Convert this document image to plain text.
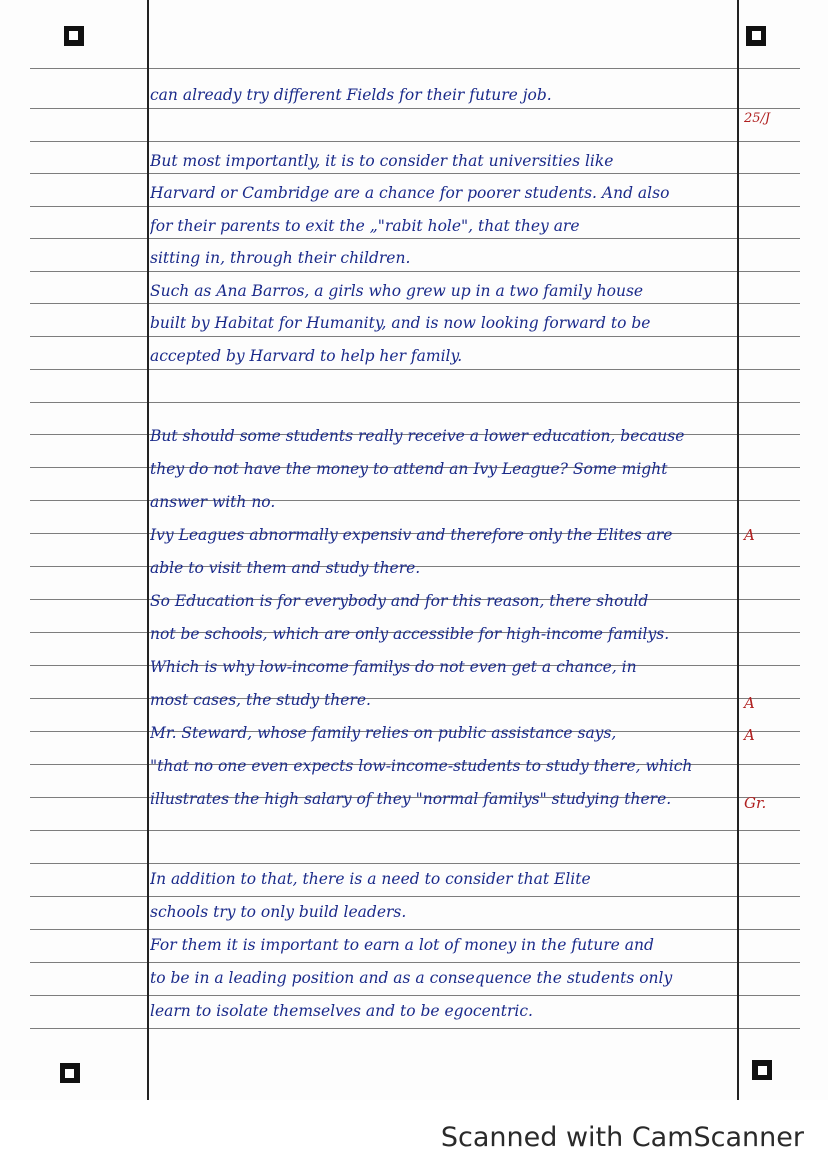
can already try different Fields for their future job.
But most importantly, it is to consider that universities like
Harvard or Cambridge are a chance for poorer students. And also
for their parents to exit the „"rabit hole", that they are
sitting in, through their children.
Such as Ana Barros, a girls who grew up in a two family house
built by Habitat for Humanity, and is now looking forward to be
accepted by Harvard to help her family.
But should some students really receive a lower education, because
they do not have the money to attend an Ivy League? Some might
answer with no.
Ivy Leagues abnormally expensiv and therefore only the Elites are
able to visit them and study there.
So Education is for everybody and for this reason, there should
not be schools, which are only accessible for high-income familys.
Which is why low-income familys do not even get a chance, in
most cases, the study there.
Mr. Steward, whose family relies on public assistance says,
"that no one even expects low-income-students to study there, which
illustrates the high salary of they "normal familys" studying there.
In addition to that, there is a need to consider that Elite
schools try to only build leaders.
For them it is important to earn a lot of money in the future and
to be in a leading position and as a consequence the students only
learn to isolate themselves and to be egocentric.
25/J
A
A
A
Gr.
Scanned with CamScanner
